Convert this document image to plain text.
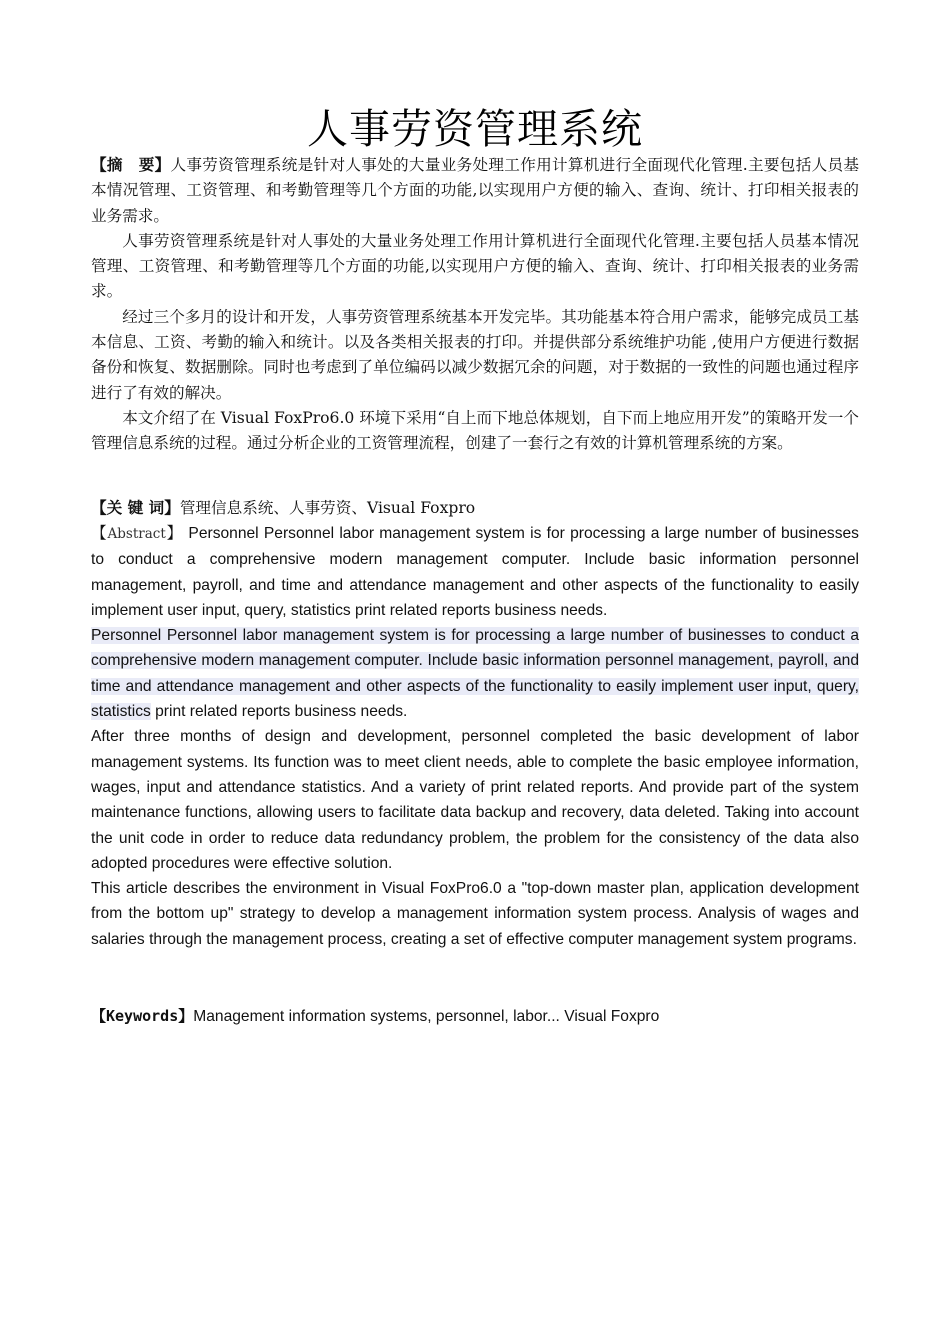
人事劳资管理系统

【摘　要】人事劳资管理系统是针对人事处的大量业务处理工作用计算机进行全面现代化管理.主要包括人员基本情况管理、工资管理、和考勤管理等几个方面的功能,以实现用户方便的输入、查询、统计、打印相关报表的业务需求。

人事劳资管理系统是针对人事处的大量业务处理工作用计算机进行全面现代化管理.主要包括人员基本情况管理、工资管理、和考勤管理等几个方面的功能,以实现用户方便的输入、查询、统计、打印相关报表的业务需求。

经过三个多月的设计和开发，人事劳资管理系统基本开发完毕。其功能基本符合用户需求，能够完成员工基本信息、工资、考勤的输入和统计。以及各类相关报表的打印。并提供部分系统维护功能 ,使用户方便进行数据备份和恢复、数据删除。同时也考虑到了单位编码以减少数据冗余的问题，对于数据的一致性的问题也通过程序进行了有效的解决。

本文介绍了在 Visual FoxPro6.0 环境下采用“自上而下地总体规划，自下而上地应用开发”的策略开发一个管理信息系统的过程。通过分析企业的工资管理流程，创建了一套行之有效的计算机管理系统的方案。

【关 键 词】管理信息系统、人事劳资、Visual Foxpro

【Abstract】 Personnel Personnel labor management system is for processing a large number of businesses to conduct a comprehensive modern management computer. Include basic information personnel management, payroll, and time and attendance management and other aspects of the functionality to easily implement user input, query, statistics print related reports business needs.

Personnel Personnel labor management system is for processing a large number of businesses to conduct a comprehensive modern management computer. Include basic information personnel management, payroll, and time and attendance management and other aspects of the functionality to easily implement user input, query, statistics print related reports business needs.

After three months of design and development, personnel completed the basic development of labor management systems. Its function was to meet client needs, able to complete the basic employee information, wages, input and attendance statistics. And a variety of print related reports. And provide part of the system maintenance functions, allowing users to facilitate data backup and recovery, data deleted. Taking into account the unit code in order to reduce data redundancy problem, the problem for the consistency of the data also adopted procedures were effective solution.

This article describes the environment in Visual FoxPro6.0 a "top-down master plan, application development from the bottom up" strategy to develop a management information system process. Analysis of wages and salaries through the management process, creating a set of effective computer management system programs.

【Keywords】Management information systems, personnel, labor... Visual Foxpro
